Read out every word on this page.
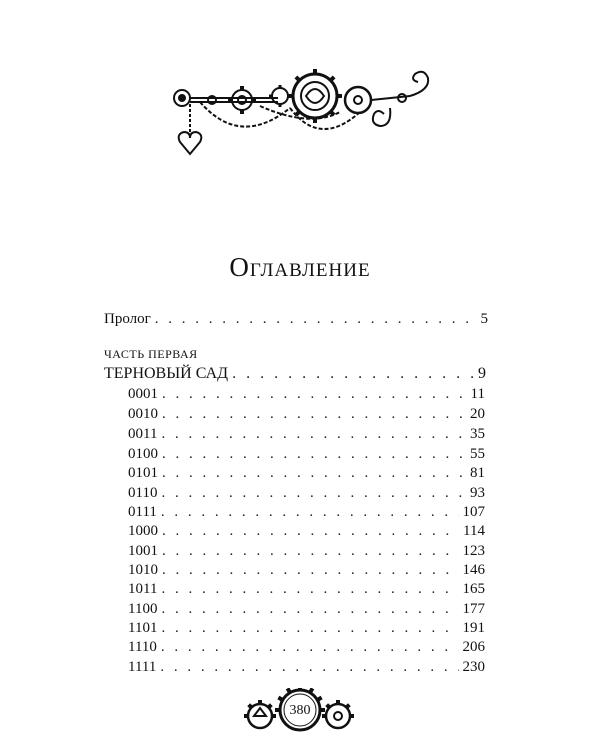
Оглавление
Пролог . . .	5
ЧАСТЬ ПЕРВАЯ
ТЕРНОВЫЙ САД . . .	9
0001 . . .	11
0010 . . .	20
0011 . . .	35
0100 . . .	55
0101 . . .	81
0110 . . .	93
0111 . . .	107
1000 . . .	114
1001 . . .	123
1010 . . .	146
1011 . . .	165
1100 . . .	177
1101 . . .	191
1110 . . .	206
1111 . . .	230
380
